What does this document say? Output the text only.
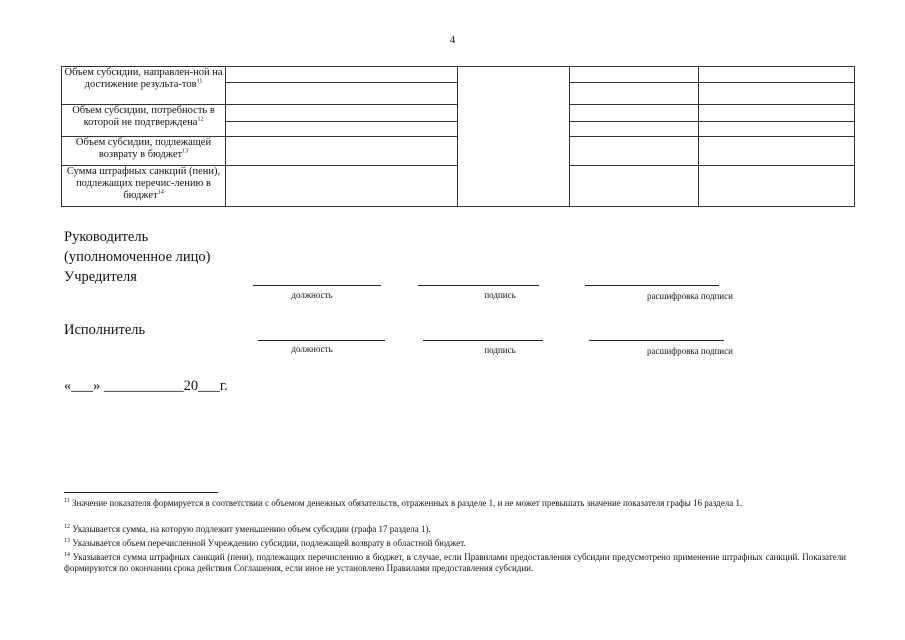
4
Объем субсидии, направлен-ной на достижение результа-тов$^{11}$	

Объем субсидии, потребность в которой не подтверждена$^{12}$	

Объем субсидии, подлежащей возврату в бюджет$^{13}$			
Сумма штрафных санкций (пени), подлежащих перечис-лению в бюджет$^{14}$			
Руководитель
(уполномоченное лицо)
Учредителя
должность	подпись	расшифровка подписи
Исполнитель
должность	подпись	расшифровка подписи
«___» ___________20___г.
$^{11}$ Значение показателя формируется в соответствии с объемом денежных обязательств, отраженных в разделе 1, и не может превышать значение показателя графы 16 раздела 1.
$^{12}$ Указывается сумма, на которую подлежит уменьшению объем субсидии (графа 17 раздела 1).
$^{13}$ Указывается объем перечисленной Учреждению субсидии, подлежащей возврату в областной бюджет.
$^{14}$ Указывается сумма штрафных санкций (пени), подлежащих перечислению в бюджет, в случае, если Правилами предоставления субсидии предусмотрено применение штрафных санкций. Показатели формируются по окончании срока действия Соглашения, если иное не установлено Правилами предоставления субсидии.
